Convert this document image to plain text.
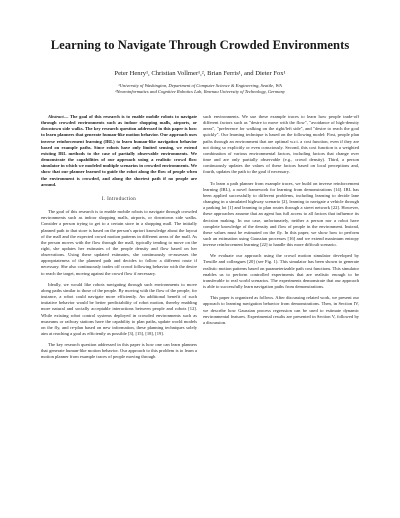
Learning to Navigate Through Crowded Environments
Peter Henry¹, Christian Vollmer¹,², Brian Ferris¹, and Dieter Fox¹
¹University of Washington, Department of Computer Science & Engineering, Seattle, WA
²Neuroinformatics and Cognitive Robotics Lab, Ilmenau University of Technology, Germany

Abstract— The goal of this research is to enable mobile robots to navigate through crowded environments such as indoor shopping malls, airports, or downtown side walks. The key research question addressed in this paper is how to learn planners that generate human-like motion behavior. Our approach uses inverse reinforcement learning (IRL) to learn human-like navigation behavior based on example paths. Since robots have only limited sensing, we extend existing IRL methods to the case of partially observable environments. We demonstrate the capabilities of our approach using a realistic crowd flow simulator in which we modeled multiple scenarios in crowded environments. We show that our planner learned to guide the robot along the flow of people when the environment is crowded, and along the shortest path if no people are around.

I. Introduction

The goal of this research is to enable mobile robots to navigate through crowded environments such as indoor shopping malls, airports, or downtown side walks. Consider a person trying to get to a certain store in a shopping mall. The initially planned path to that store is based on the person's apriori knowledge about the layout of the mall and the expected crowd motion patterns in different areas of the mall. As the person moves with the flow through the mall, typically tending to move on the right, she updates her estimates of the people density and flow based on her observations. Using these updated estimates, she continuously re-assesses the appropriateness of the planned path and decides to follow a different route if necessary. She also continuously trades off crowd following behavior with the desire to reach the target, moving against the crowd flow if necessary.

Ideally, we would like robots navigating through such environments to move along paths similar to those of the people. By moving with the flow of the people, for instance, a robot could navigate more efficiently. An additional benefit of such imitative behavior would be better predictability of robot motion, thereby enabling more natural and socially acceptable interactions between people and robots [12]. While existing robot control systems deployed in crowded environments such as museums or railway stations have the capability to plan paths, update world models on the fly, and re-plan based on new information, these planning techniques solely aim at reaching a goal as efficiently as possible [3], [15], [18], [19].

The key research question addressed in this paper is how one can learn planners that generate human-like motion behavior. Our approach to this problem is to learn a motion planner from example traces of people moving through

such environments. We use these example traces to learn how people trade-off different factors such as "desire to move with the flow", "avoidance of high-density areas", "preference for walking on the right/left side", and "desire to reach the goal quickly". Our learning technique is based on the following model: First, people plan paths through an environment that are optimal w.r.t. a cost function, even if they are not doing so explicitly or even consciously. Second, this cost function is a weighted combination of various environmental factors, including factors that change over time and are only partially observable (e.g., crowd density). Third, a person continuously updates the values of these factors based on local perceptions and, fourth, updates the path to the goal if necessary.

To learn a path planner from example traces, we build on inverse reinforcement learning (IRL), a novel framework for learning from demonstrations [14]. IRL has been applied successfully to different problems, including learning to decide lane changing in a simulated highway scenario [2], learning to navigate a vehicle through a parking lot [1] and learning to plan routes through a street network [22]. However, these approaches assume that an agent has full access to all factors that influence its decision making. In our case, unfortunately, neither a person nor a robot have complete knowledge of the density and flow of people in the environment. Instead, these values must be estimated on the fly. In this paper, we show how to perform such an estimation using Gaussian processes [16] and we extend maximum entropy inverse reinforcement learning [22] to handle this more difficult scenario.

We evaluate our approach using the crowd motion simulator developed by Treuille and colleagues [20] (see Fig. 1). This simulator has been shown to generate realistic motion patterns based on parameterizable path cost functions. This simulator enables us to perform controlled experiments that are realistic enough to be transferable to real world scenarios. The experiments demonstrate that our approach is able to successfully learn navigation paths from demonstrations.

This paper is organized as follows. After discussing related work, we present our approach to learning navigation behavior from demonstrations. Then, in Section IV, we describe how Gaussian process regression can be used to estimate dynamic environmental features. Experimental results are presented in Section V, followed by a discussion.
